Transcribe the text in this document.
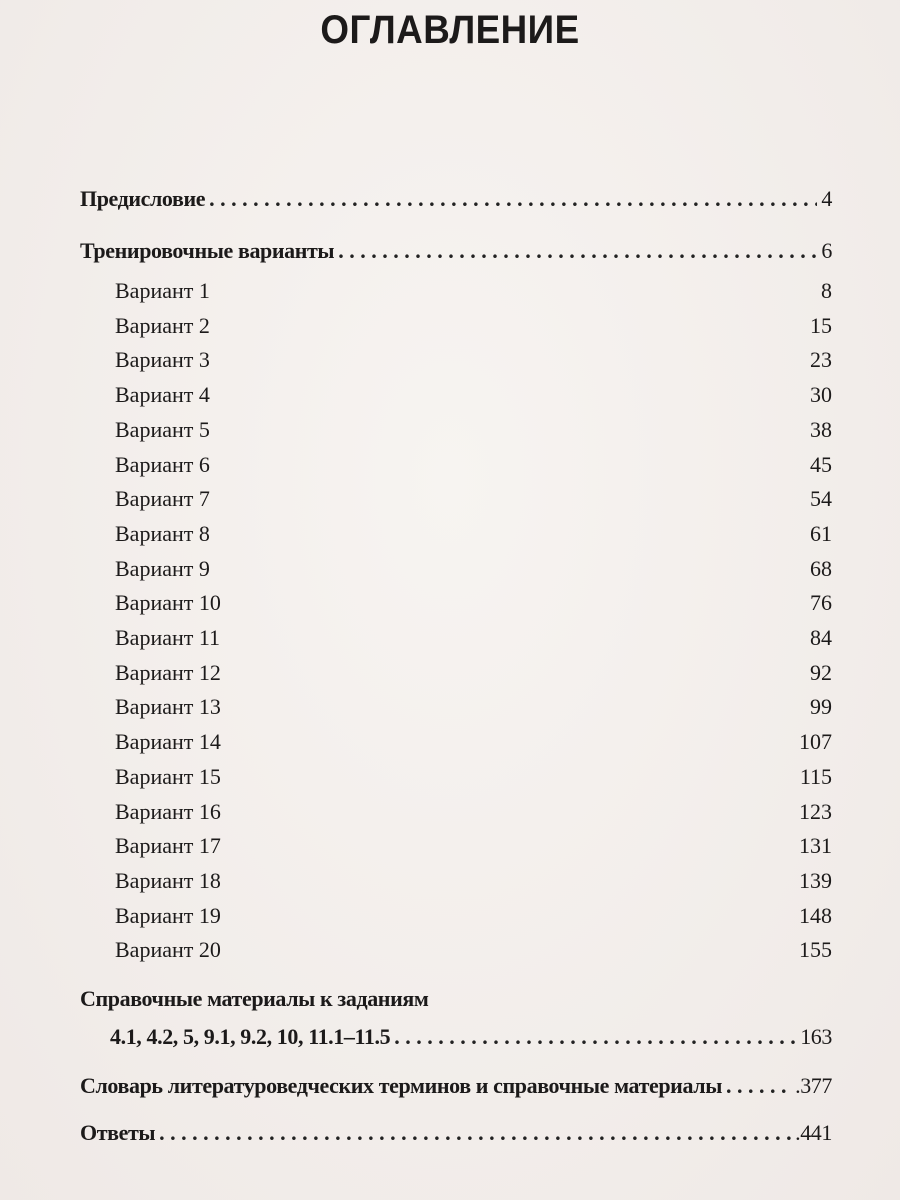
ОГЛАВЛЕНИЕ
Предисловие . . .	4
Тренировочные варианты . . .	6
Вариант 1	8
Вариант 2	15
Вариант 3	23
Вариант 4	30
Вариант 5	38
Вариант 6	45
Вариант 7	54
Вариант 8	61
Вариант 9	68
Вариант 10	76
Вариант 11	84
Вариант 12	92
Вариант 13	99
Вариант 14	107
Вариант 15	115
Вариант 16	123
Вариант 17	131
Вариант 18	139
Вариант 19	148
Вариант 20	155
Справочные материалы к заданиям
4.1, 4.2, 5, 9.1, 9.2, 10, 11.1–11.5 . . .	163
Словарь литературоведческих терминов и справочные материалы . . .	.377
Ответы . . .	.441
